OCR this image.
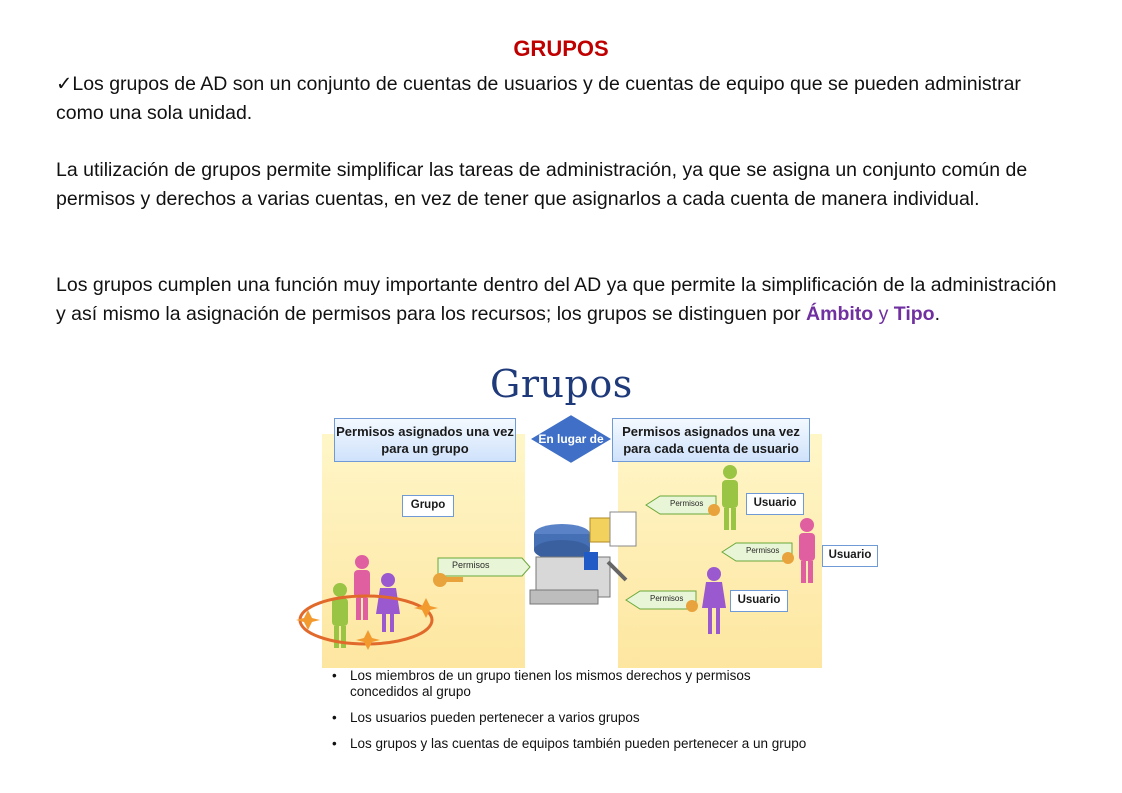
GRUPOS
✓Los grupos de AD son un conjunto de cuentas de usuarios y de cuentas de equipo que se pueden administrar como una sola unidad.
La utilización de grupos permite simplificar las tareas de administración, ya que se asigna un conjunto común de permisos y derechos a varias cuentas, en vez de tener que asignarlos a cada cuenta de manera individual.
Los grupos cumplen una función muy importante dentro del AD ya que permite la simplificación de la administración y así mismo la asignación de permisos para los recursos; los grupos se distinguen por Ámbito y Tipo.
Grupos
Permisos asignados una vez para un grupo
En lugar de	Permisos asignados una vez para cada cuenta de usuario
Grupo
Permisos
Usuario
Permisos
Usuario
Permisos
Usuario
Permisos
• Los miembros de un grupo tienen los mismos derechos y permisos concedidos al grupo
• Los usuarios pueden pertenecer a varios grupos
• Los grupos y las cuentas de equipos también pueden pertenecer a un grupo
